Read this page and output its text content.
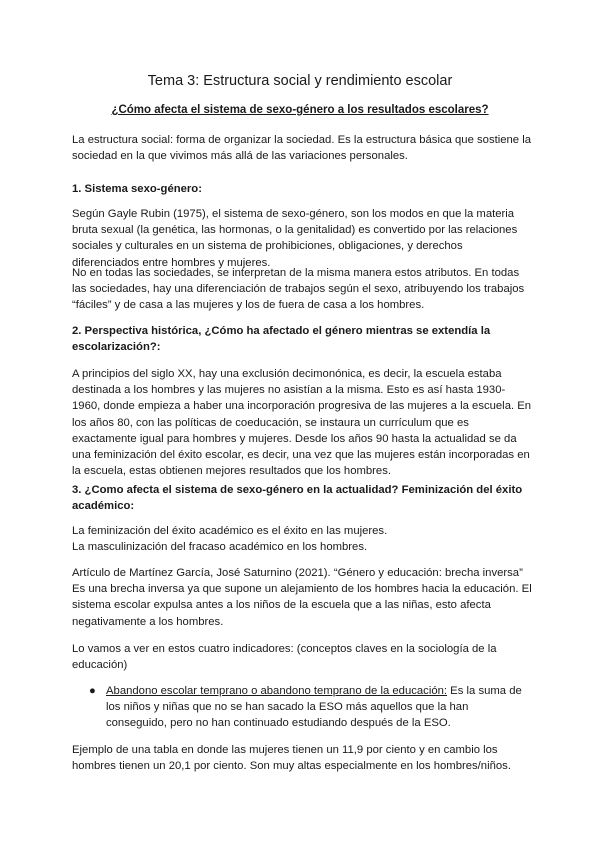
Tema 3: Estructura social y rendimiento escolar

¿Cómo afecta el sistema de sexo-género a los resultados escolares?

La estructura social: forma de organizar la sociedad. Es la estructura básica que sostiene la sociedad en la que vivimos más allá de las variaciones personales.

1. Sistema sexo-género:

Según Gayle Rubin (1975), el sistema de sexo-género, son los modos en que la materia bruta sexual (la genética, las hormonas, o la genitalidad) es convertido por las relaciones sociales y culturales en un sistema de prohibiciones, obligaciones, y derechos diferenciados entre hombres y mujeres.

No en todas las sociedades, se interpretan de la misma manera estos atributos. En todas las sociedades, hay una diferenciación de trabajos según el sexo, atribuyendo los trabajos “fáciles” y de casa a las mujeres y los de fuera de casa a los hombres.

2. Perspectiva histórica, ¿Cómo ha afectado el género mientras se extendía la escolarización?:

A principios del siglo XX, hay una exclusión decimonónica, es decir, la escuela estaba destinada a los hombres y las mujeres no asistían a la misma. Esto es así hasta 1930-1960, donde empieza a haber una incorporación progresiva de las mujeres a la escuela. En los años 80, con las políticas de coeducación, se instaura un currículum que es exactamente igual para hombres y mujeres. Desde los años 90 hasta la actualidad se da una feminización del éxito escolar, es decir, una vez que las mujeres están incorporadas en la escuela, estas obtienen mejores resultados que los hombres.

3. ¿Como afecta el sistema de sexo-género en la actualidad? Feminización del éxito académico:

La feminización del éxito académico es el éxito en las mujeres.

La masculinización del fracaso académico en los hombres.

Artículo de Martínez García, José Saturnino (2021). “Género y educación: brecha inversa”
Es una brecha inversa ya que supone un alejamiento de los hombres hacia la educación. El sistema escolar expulsa antes a los niños de la escuela que a las niñas, esto afecta negativamente a los hombres.

Lo vamos a ver en estos cuatro indicadores: (conceptos claves en la sociología de la educación)

● Abandono escolar temprano o abandono temprano de la educación: Es la suma de los niños y niñas que no se han sacado la ESO más aquellos que la han conseguido, pero no han continuado estudiando después de la ESO.

Ejemplo de una tabla en donde las mujeres tienen un 11,9 por ciento y en cambio los hombres tienen un 20,1 por ciento. Son muy altas especialmente en los hombres/niños.
